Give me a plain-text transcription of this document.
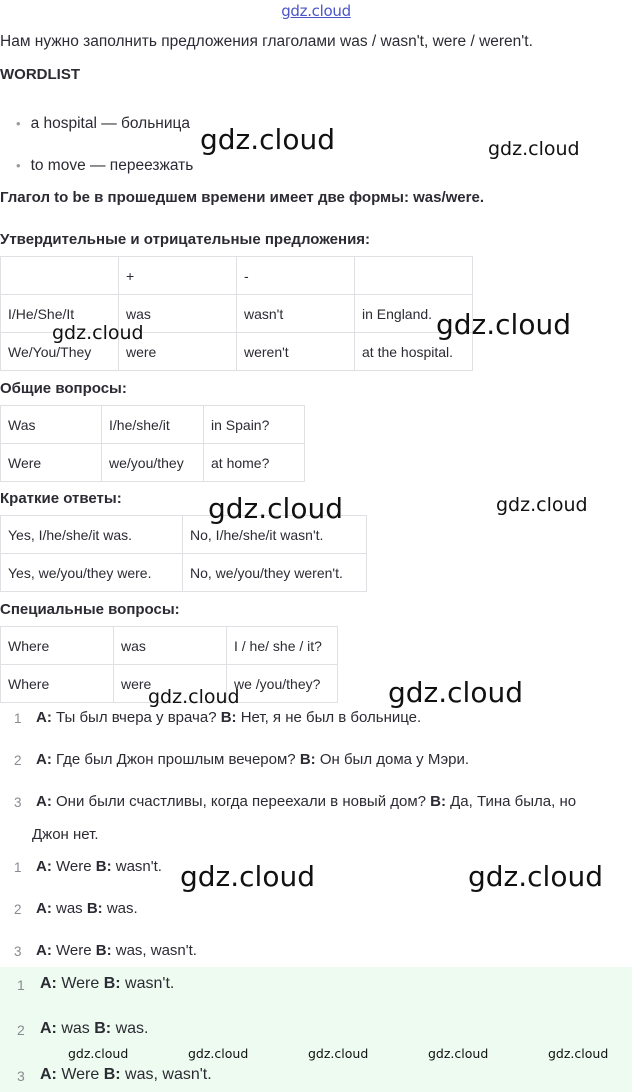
gdz.cloud
Нам нужно заполнить предложения глаголами was / wasn't, were / weren't.
WORDLIST
• a hospital — больница
• to move — переезжать
Глагол to be в прошедшем времени имеет две формы: was/were.
Утвердительные и отрицательные предложения:
	+	-	
I/He/She/It	was	wasn't	in England.
We/You/They	were	weren't	at the hospital.
Общие вопросы:
Was	I/he/she/it	in Spain?
Were	we/you/they	at home?
Краткие ответы:
Yes, I/he/she/it was.	No, I/he/she/it wasn't.
Yes, we/you/they were.	No, we/you/they weren't.
Специальные вопросы:
Where	was	I / he/ she / it?
Where	were	we /you/they?
1 A: Ты был вчера у врача? B: Нет, я не был в больнице.
2 A: Где был Джон прошлым вечером? B: Он был дома у Мэри.
3 A: Они были счастливы, когда переехали в новый дом? B: Да, Тина была, но
Джон нет.
1 A: Were B: wasn't.
2 A: was B: was.
3 A: Were B: was, wasn't.
1 A: Were B: wasn't.
2 A: was B: was.
3 A: Were B: was, wasn't.
gdz.cloud	gdz.cloud
gdz.cloud	gdz.cloud
gdz.cloud	gdz.cloud
gdz.cloud	gdz.cloud
gdz.cloud	gdz.cloud
gdz.cloud	gdz.cloud	gdz.cloud	gdz.cloud	gdz.cloud
